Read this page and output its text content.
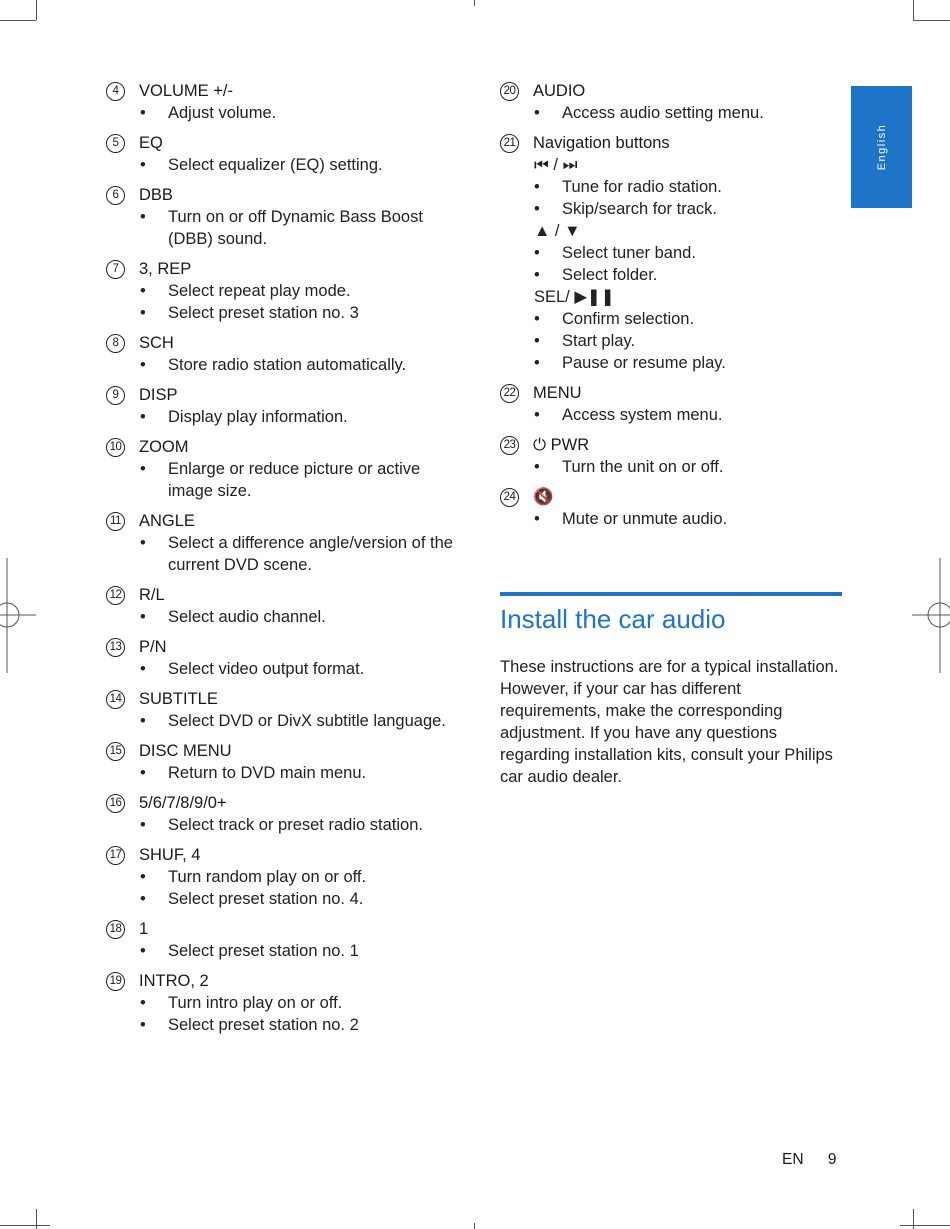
English
4	VOLUME +/-
• Adjust volume.
5	EQ
• Select equalizer (EQ) setting.
6	DBB
• Turn on or off Dynamic Bass Boost (DBB) sound.
7	3, REP
• Select repeat play mode.
• Select preset station no. 3
8	SCH
• Store radio station automatically.
9	DISP
• Display play information.
10 ZOOM
• Enlarge or reduce picture or active image size.
11 ANGLE
• Select a difference angle/version of the current DVD scene.
12 R/L
• Select audio channel.
13 P/N
• Select video output format.
14 SUBTITLE
• Select DVD or DivX subtitle language.
15 DISC MENU
• Return to DVD main menu.
16 5/6/7/8/9/0+
• Select track or preset radio station.
17 SHUF, 4
• Turn random play on or off.
• Select preset station no. 4.
18 1
• Select preset station no. 1
19 INTRO, 2
• Turn intro play on or off.
• Select preset station no. 2
20 AUDIO
• Access audio setting menu.
21 Navigation buttons
⏮ / ⏭
• Tune for radio station.
• Skip/search for track.
▲ / ▼
• Select tuner band.
• Select folder.
SEL/ ▶❚❚
• Confirm selection.
• Start play.
• Pause or resume play.
22 MENU
• Access system menu.
23 ⏻ PWR
• Turn the unit on or off.
24 🔇
• Mute or unmute audio.
Install the car audio
These instructions are for a typical installation. However, if your car has different requirements, make the corresponding adjustment. If you have any questions regarding installation kits, consult your Philips car audio dealer.
EN 9
